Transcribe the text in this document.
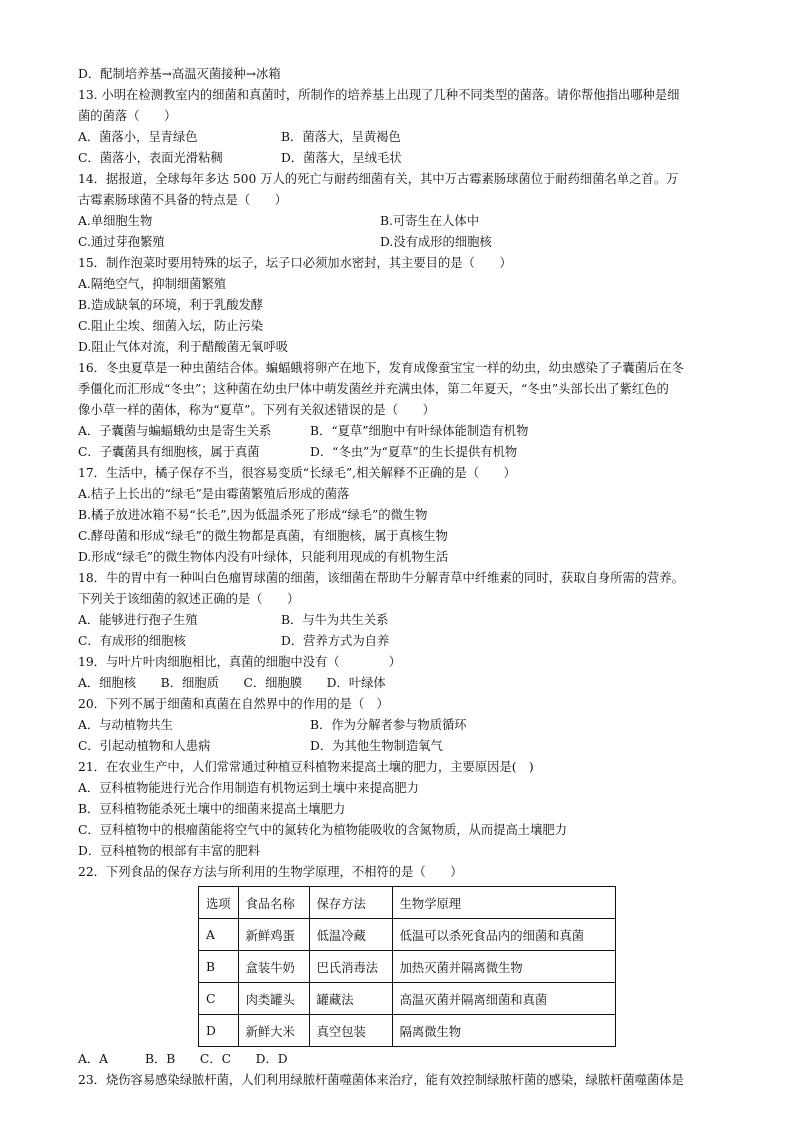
D．配制培养基→高温灭菌接种→冰箱
13. 小明在检测教室内的细菌和真菌时，所制作的培养基上出现了几种不同类型的菌落。请你帮他指出哪种是细
菌的菌落（　　）
A．菌落小，呈青绿色	B．菌落大，呈黄褐色
C．菌落小，表面光滑粘稠	D．菌落大，呈绒毛状
14．据报道，全球每年多达 500 万人的死亡与耐药细菌有关，其中万古霉素肠球菌位于耐药细菌名单之首。万
古霉素肠球菌不具备的特点是（　　）
A.单细胞生物	B.可寄生在人体中
C.通过芽孢繁殖	D.没有成形的细胞核
15．制作泡菜时要用特殊的坛子，坛子口必须加水密封，其主要目的是（　　）
A.隔绝空气，抑制细菌繁殖
B.造成缺氧的环境，利于乳酸发酵
C.阻止尘埃、细菌入坛，防止污染
D.阻止气体对流，利于醋酸菌无氧呼吸
16．冬虫夏草是一种虫菌结合体。蝙蝠蛾将卵产在地下，发育成像蚕宝宝一样的幼虫，幼虫感染了子囊菌后在冬
季僵化而汇形成“冬虫”；这种菌在幼虫尸体中萌发菌丝并充满虫体，第二年夏天，“冬虫”头部长出了紫红色的
像小草一样的菌体，称为“夏草”。下列有关叙述错误的是（　　）
A．子囊菌与蝙蝠蛾幼虫是寄生关系	B．“夏草”细胞中有叶绿体能制造有机物
C．子囊菌具有细胞核，属于真菌	D．“冬虫”为“夏草”的生长提供有机物
17．生活中，橘子保存不当，很容易变质“长绿毛”,相关解释不正确的是（　　）
A.桔子上长出的“绿毛”是由霉菌繁殖后形成的菌落
B.橘子放进冰箱不易“长毛”,因为低温杀死了形成“绿毛”的微生物
C.酵母菌和形成“绿毛”的微生物都是真菌，有细胞核，属于真核生物
D.形成“绿毛”的微生物体内没有叶绿体，只能利用现成的有机物生活
18．牛的胃中有一种叫白色瘤胃球菌的细菌，该细菌在帮助牛分解青草中纤维素的同时，获取自身所需的营养。
下列关于该细菌的叙述正确的是（　　）
A．能够进行孢子生殖	B．与牛为共生关系
C．有成形的细胞核	D．营养方式为自养
19．与叶片叶肉细胞相比，真菌的细胞中没有（　　　　）
A．细胞核　　B．细胞质　　C．细胞膜　　D．叶绿体
20．下列不属于细菌和真菌在自然界中的作用的是（　）
A．与动植物共生	B．作为分解者参与物质循环
C．引起动植物和人患病	D．为其他生物制造氧气
21．在农业生产中，人们常常通过种植豆科植物来提高土壤的肥力，主要原因是(　)
A．豆科植物能进行光合作用制造有机物运到土壤中来提高肥力
B．豆科植物能杀死土壤中的细菌来提高土壤肥力
C．豆科植物中的根瘤菌能将空气中的氮转化为植物能吸收的含氮物质，从而提高土壤肥力
D．豆科植物的根部有丰富的肥料
22．下列食品的保存方法与所利用的生物学原理，不相符的是（　　）
选项	食品名称	保存方法	生物学原理
A	新鲜鸡蛋	低温冷藏	低温可以杀死食品内的细菌和真菌
B	盒装牛奶	巴氏消毒法	加热灭菌并隔离微生物
C	肉类罐头	罐藏法	高温灭菌并隔离细菌和真菌
D	新鲜大米	真空包装	隔离微生物
A．A　　　B．B　　C．C　　D．D
23．烧伤容易感染绿脓杆菌，人们利用绿脓杆菌噬菌体来治疗，能有效控制绿脓杆菌的感染，绿脓杆菌噬菌体是
